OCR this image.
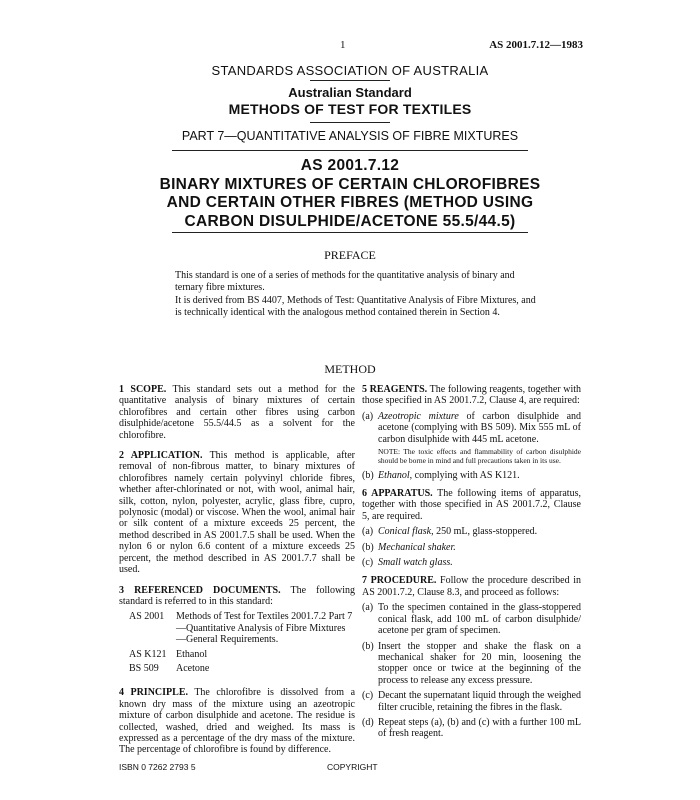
1	AS 2001.7.12—1983
STANDARDS ASSOCIATION OF AUSTRALIA
Australian Standard
METHODS OF TEST FOR TEXTILES
PART 7—QUANTITATIVE ANALYSIS OF FIBRE MIXTURES
AS 2001.7.12
BINARY MIXTURES OF CERTAIN CHLOROFIBRES
AND CERTAIN OTHER FIBRES (METHOD USING
CARBON DISULPHIDE/ACETONE 55.5/44.5)
PREFACE
This standard is one of a series of methods for the quantitative analysis of binary and ternary fibre mixtures.
It is derived from BS 4407, Methods of Test: Quantitative Analysis of Fibre Mixtures, and is technically identical with the analogous method contained therein in Section 4.
METHOD

1 SCOPE. This standard sets out a method for the quantitative analysis of binary mixtures of certain chlorofibres and certain other fibres using carbon disulphide/acetone 55.5/44.5 as a solvent for the chlorofibre.

2 APPLICATION. This method is applicable, after removal of non-fibrous matter, to binary mixtures of chlorofibres namely certain polyvinyl chloride fibres, whether after-chlorinated or not, with wool, animal hair, silk, cotton, nylon, polyester, acrylic, glass fibre, cupro, polynosic (modal) or viscose. When the wool, animal hair or silk content of a mixture exceeds 25 percent, the method described in AS 2001.7.5 shall be used. When the nylon 6 or nylon 6.6 content of a mixture exceeds 25 percent, the method described in AS 2001.7.7 shall be used.

3 REFERENCED DOCUMENTS. The following standard is referred to in this standard:

AS 2001	Methods of Test for Textiles 2001.7.2 Part 7—Quantitative Analysis of Fibre Mixtures—General Requirements.
AS K121	Ethanol
BS 509	Acetone

4 PRINCIPLE. The chlorofibre is dissolved from a known dry mass of the mixture using an azeotropic mixture of carbon disulphide and acetone. The residue is collected, washed, dried and weighed. Its mass is expressed as a percentage of the dry mass of the mixture. The percentage of chlorofibre is found by difference.

5 REAGENTS. The following reagents, together with those specified in AS 2001.7.2, Clause 4, are required:

(a) Azeotropic mixture of carbon disulphide and acetone (complying with BS 509). Mix 555 mL of carbon disulphide with 445 mL acetone.
NOTE: The toxic effects and flammability of carbon disulphide should be borne in mind and full precautions taken in its use.
(b) Ethanol, complying with AS K121.

6 APPARATUS. The following items of apparatus, together with those specified in AS 2001.7.2, Clause 5, are required.

(a) Conical flask, 250 mL, glass-stoppered.
(b) Mechanical shaker.
(c) Small watch glass.

7 PROCEDURE. Follow the procedure described in AS 2001.7.2, Clause 8.3, and proceed as follows:

(a) To the specimen contained in the glass-stoppered conical flask, add 100 mL of carbon disulphide/ acetone per gram of specimen.
(b) Insert the stopper and shake the flask on a mechanical shaker for 20 min, loosening the stopper once or twice at the beginning of the process to release any excess pressure.
(c) Decant the supernatant liquid through the weighed filter crucible, retaining the fibres in the flask.
(d) Repeat steps (a), (b) and (c) with a further 100 mL of fresh reagent.
ISBN 0 7262 2793 5	COPYRIGHT
